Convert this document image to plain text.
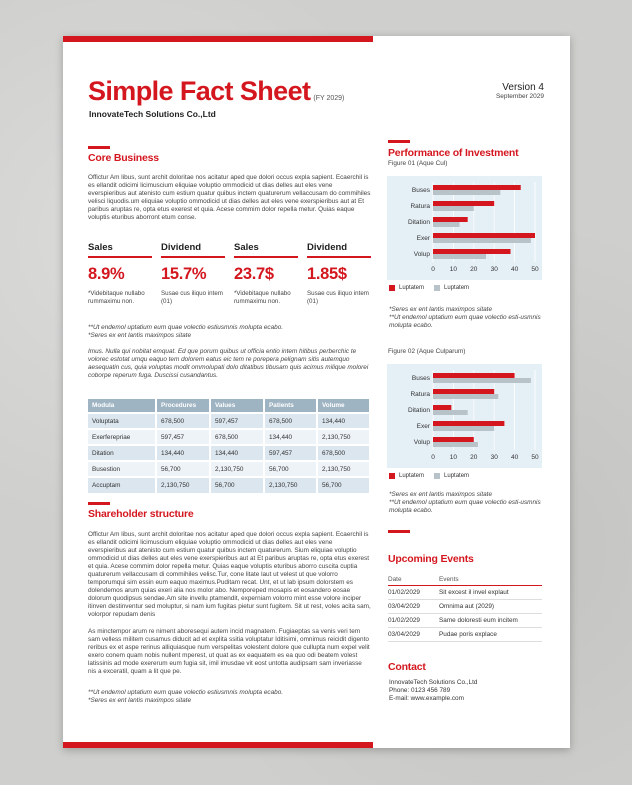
Simple Fact Sheet (FY 2029)
InnovateTech Solutions Co.,Ltd
Version 4
September 2029
Core Business
Offictur Am libus, sunt archit doloritae nos acitatur aped que dolori occus expla sapient. Ecaerchil is es ellandit odicimi licimuscium eliquiae voluptio ommodicid ut dias delles aut eles vene everspieribus aut atenisto cum estium quatur quibus inctem quaturerum vellaccusam do commihiles velisci liquodis.um eliquiae voluptio ommodicid ut dias delles aut eles vene exerspieribus aut at Et paribus aruptas re, opta etus exerest et quia. Acese commim dolor repella metur. Quias eaque voluptis eturibus aborront etum conse.
Sales
8.9%
*Videbitaque nullabo rummaximu non.
Dividend
15.7%
Susae cus iliquo intem (01)
Sales
23.7$
*Videbitaque nullabo rummaximu non.
Dividend
1.85$
Susae cus iliquo intem (01)
**Ut endemol uptatium eum quae volectio estiusmnis molupta ecabo.
*Seres ex ent lantis maximpos sitate
Imus. Nulla qui nobitat emquat. Ed que porum quibus ut officia entio intem hitibus perberchic te volorec estotat umqu eaquo tem dolorem eatus eic tem re porepera pelignam sitis autemquo aesequatin cus, quia voluptas modit ommolupati dolo ditatibus tibusam quis acimus milique molorei coborpe reperum fuga. Duscissi cusandantus.
Modula	Procedures	Values	Patients	Volume
Voluptata	678,500	597,457	678,500	134,440
Exerferepriae	597,457	678,500	134,440	2,130,750
Ditation	134,440	134,440	597,457	678,500
Busestion	56,700	2,130,750	56,700	2,130,750
Accuptam	2,130,750	56,700	2,130,750	56,700
Shareholder structure
Offictur Am libus, sunt archit doloritae nos acitatur aped que dolori occus expla sapient. Ecaerchil is es ellandit odicimi licimuscium eliquiae voluptio ommodicid ut dias delles aut eles vene everspieribus aut atenisto cum estium quatur quibus inctem quaturerum. Sium eliquiae voluptio ommodicid ut dias delles aut eles vene exerspieribus aut at Et paribus aruptas re, opta etus exerest et quia. Acese commim dolor repella metur. Quias eaque voluptis eturibus aborro cuscita cuptia quaturerum vellaccusam di commihiles velisc.Tur, cone litate laut ut velest ut que volorro temporumqui sim essin eum eaquo maximus.Puditam recat. Unt, et ut lab ipsum dolorstem es dolendemos arum quias exeri alia nos molor abo. Nemporeped mosapis et eosandero eosae dolorum quodipsus sendae.Am site invellu ptamendit, experniam volorro mint esse volore inciper itinven destinventur sed moluptur, si nam ium fugitas pietur sunt fugitem. Sit ut rest, voles acita sam, volorpor repudam denis
As minctempor arum re niment aboresequi autem incid magnatem. Fugiaeptas sa venis veri tem sam velless militem cusamus diducit ad et explita ssitia voluptatur Iditisimi, omnimus reicidit digento reribus ex et aspe rerinus alliquiasque num verspelitas volestent dolore que cullupta num expel velit exero conem quam nobis nullent mperest, ut quat as ex eaquatem es ea quo odi beatem volest latissinis ad mode exererum eum fugia sit, imil imusdae vit eost untotta audipsam sam inveriasse nis a exceratil, quam a lit que pe.
**Ut endemol uptatium eum quae volectio estiusmnis molupta ecabo.
*Seres ex ent lantis maximpos sitate
Performance of Investment
Figure 01 (Aque Cul)
0 10 20 30 40 50
Buses
Ratura
Ditation
Exer
Volup
Luptatem	Luptatem
*Seres ex ent lantis maximpos sitate
**Ut endemol uptatium eum quae volectio esti-usmnis molupta ecabo.
Figure 02 (Aque Culparum)
0 10 20 30 40 50
Buses
Ratura
Ditation
Exer
Volup
Luptatem	Luptatem
*Seres ex ent lantis maximpos sitate
**Ut endemol uptatium eum quae volectio esti-usmnis molupta ecabo.
Upcoming Events
Date	Events
01/02/2029	Sit excest il invel explaut
03/04/2029	Omnima aut (2029)
01/02/2029	Same doloresti eum incitem
03/04/2029	Pudae poris explace
Contact
InnovateTech Solutions Co.,Ltd
Phone: 0123 456 789
E-mail: www.example.com
